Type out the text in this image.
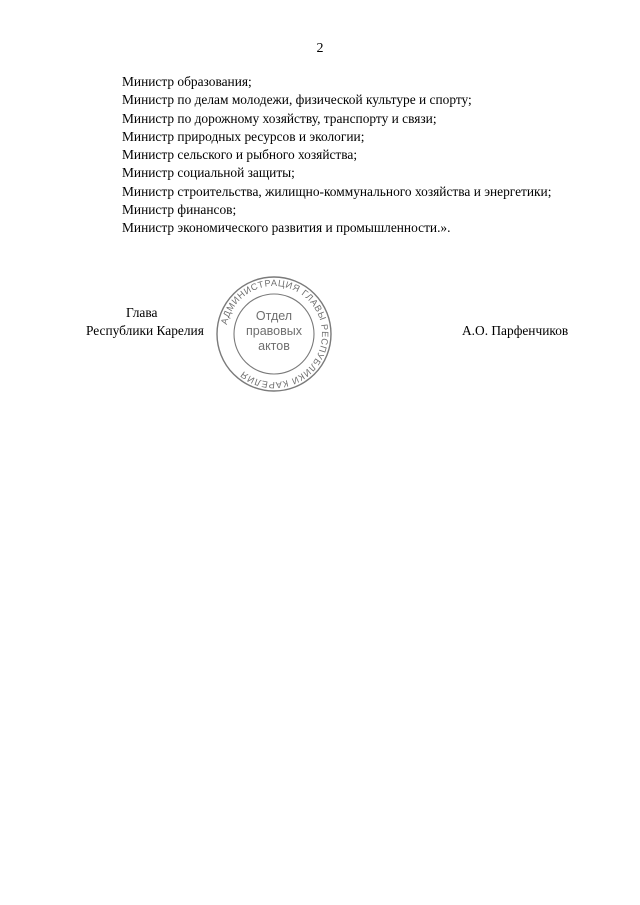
2

Министр образования;

Министр по делам молодежи, физической культуре и спорту;

Министр по дорожному хозяйству, транспорту и связи;

Министр природных ресурсов и экологии;

Министр сельского и рыбного хозяйства;

Министр социальной защиты;

Министр строительства, жилищно-коммунального хозяйства и энергетики;

Министр финансов;

Министр экономического развития и промышленности.».

Глава
Республики Карелия	А.О. Парфенчиков
АДМИНИСТРАЦИЯ ГЛАВЫ РЕСПУБЛИКИ КАРЕЛИЯ
Отдел
правовых
актов
